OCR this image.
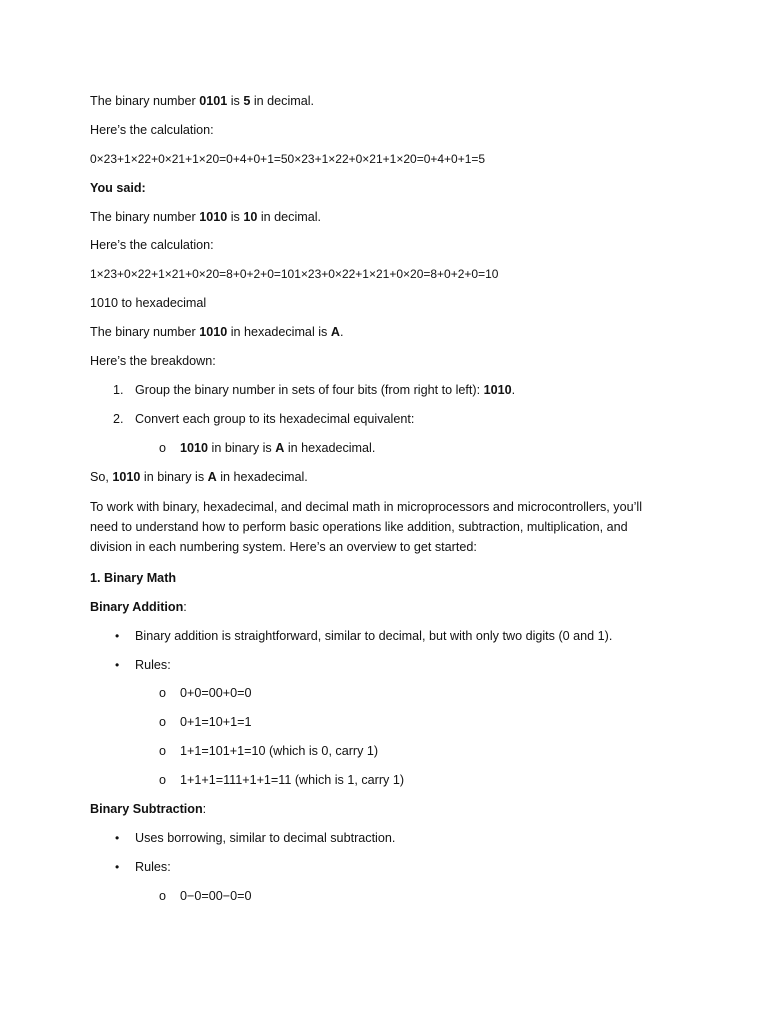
The binary number 0101 is 5 in decimal.

Here’s the calculation:

0×23+1×22+0×21+1×20=0+4+0+1=50×23+1×22+0×21+1×20=0+4+0+1=5

You said:

The binary number 1010 is 10 in decimal.

Here’s the calculation:

1×23+0×22+1×21+0×20=8+0+2+0=101×23+0×22+1×21+0×20=8+0+2+0=10

1010 to hexadecimal

The binary number 1010 in hexadecimal is A.

Here’s the breakdown:

1. Group the binary number in sets of four bits (from right to left): 1010.
2. Convert each group to its hexadecimal equivalent:
o 1010 in binary is A in hexadecimal.

So, 1010 in binary is A in hexadecimal.

To work with binary, hexadecimal, and decimal math in microprocessors and microcontrollers, you’ll need to understand how to perform basic operations like addition, subtraction, multiplication, and division in each numbering system. Here’s an overview to get started:

1. Binary Math

Binary Addition:

• Binary addition is straightforward, similar to decimal, but with only two digits (0 and 1).
• Rules:
o 0+0=00+0=0
o 0+1=10+1=1
o 1+1=101+1=10 (which is 0, carry 1)
o 1+1+1=111+1+1=11 (which is 1, carry 1)

Binary Subtraction:

• Uses borrowing, similar to decimal subtraction.
• Rules:
o 0−0=00−0=0
